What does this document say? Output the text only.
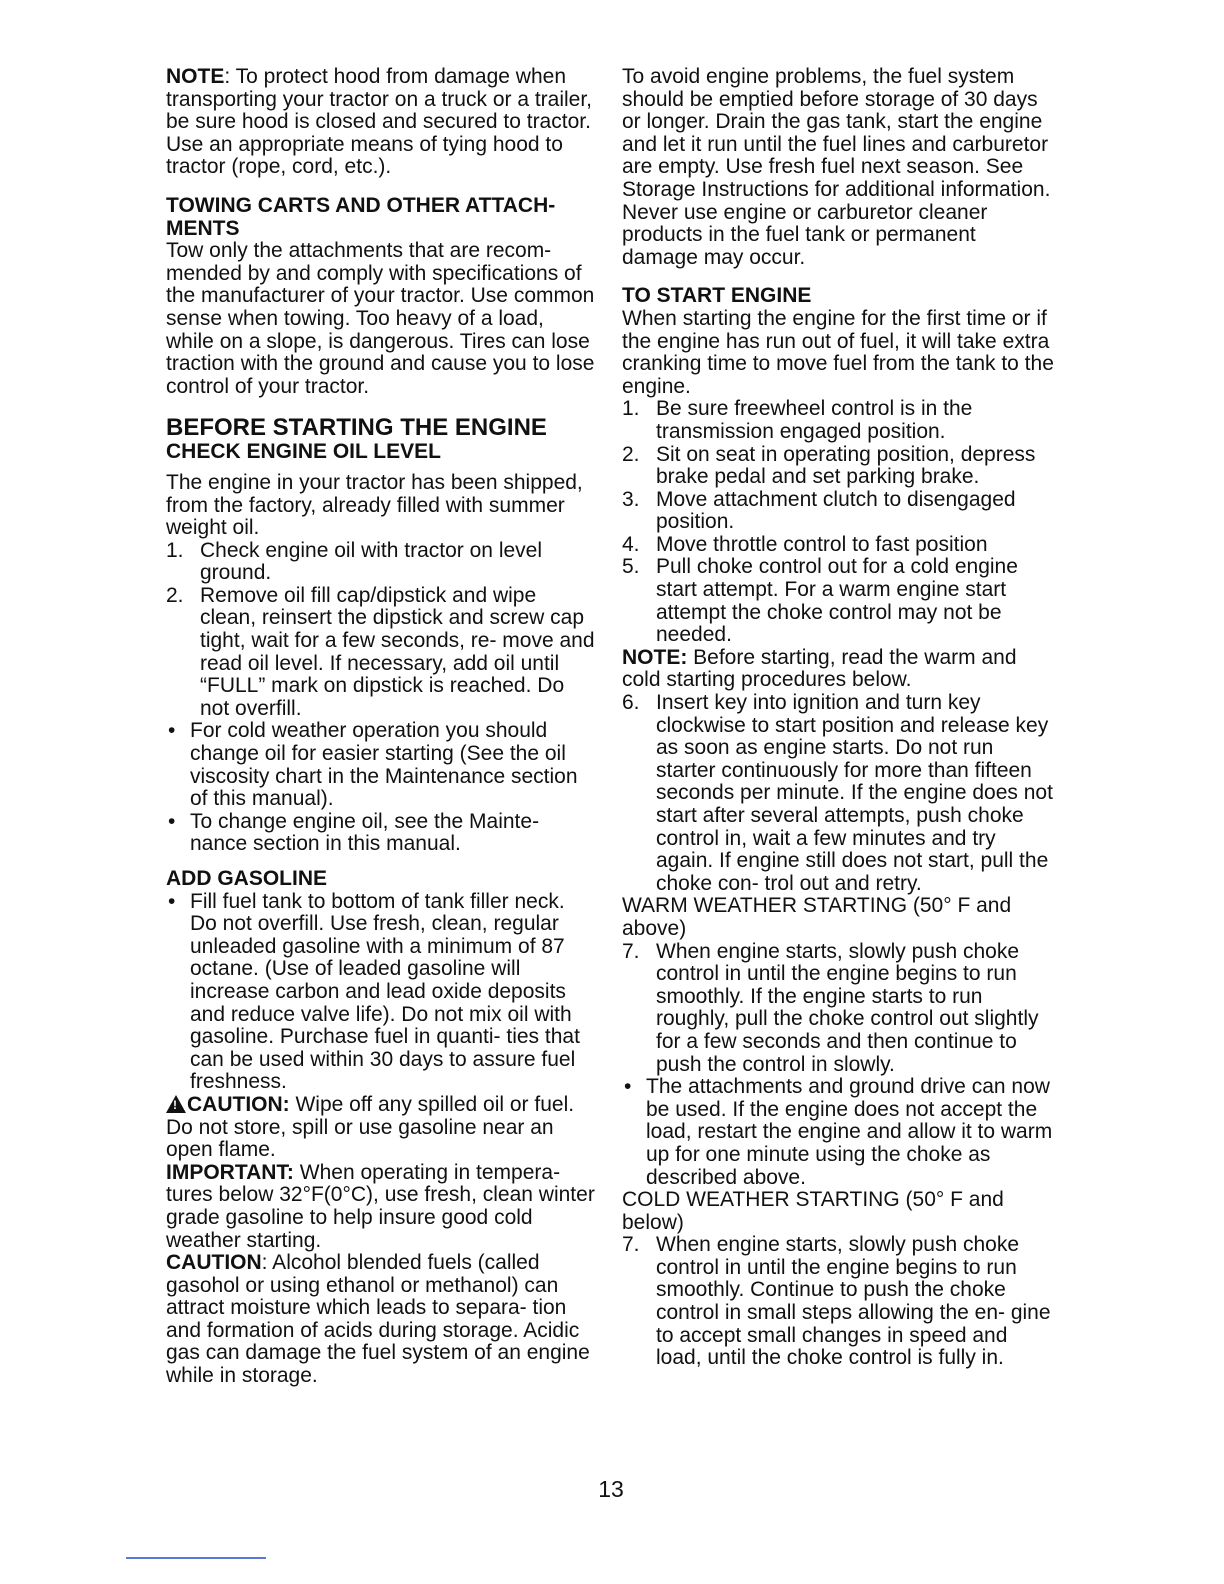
NOTE: To protect hood from damage when transporting your tractor on a truck or a trailer, be sure hood is closed and secured to tractor. Use an appropriate means of tying hood to tractor (rope, cord, etc.).

TOWING CARTS AND OTHER ATTACH- MENTS

Tow only the attachments that are recom- mended by and comply with specifications of the manufacturer of your tractor. Use common sense when towing. Too heavy of a load, while on a slope, is dangerous. Tires can lose traction with the ground and cause you to lose control of your tractor.

BEFORE STARTING THE ENGINE
CHECK ENGINE OIL LEVEL

The engine in your tractor has been shipped, from the factory, already filled with summer weight oil.

1. Check engine oil with tractor on level ground.
2. Remove oil fill cap/dipstick and wipe clean, reinsert the dipstick and screw cap tight, wait for a few seconds, re- move and read oil level. If necessary, add oil until “FULL” mark on dipstick is reached. Do not overfill.
• For cold weather operation you should change oil for easier starting (See the oil viscosity chart in the Maintenance section of this manual).
• To change engine oil, see the Mainte- nance section in this manual.
ADD GASOLINE
• Fill fuel tank to bottom of tank filler neck. Do not overfill. Use fresh, clean, regular unleaded gasoline with a minimum of 87 octane. (Use of leaded gasoline will increase carbon and lead oxide deposits and reduce valve life). Do not mix oil with gasoline. Purchase fuel in quanti- ties that can be used within 30 days to assure fuel freshness.

!CAUTION: Wipe off any spilled oil or fuel. Do not store, spill or use gasoline near an open flame.

IMPORTANT: When operating in tempera- tures below 32°F(0°C), use fresh, clean winter grade gasoline to help insure good cold weather starting.

CAUTION: Alcohol blended fuels (called gasohol or using ethanol or methanol) can attract moisture which leads to separa- tion and formation of acids during storage. Acidic gas can damage the fuel system of an engine while in storage.

To avoid engine problems, the fuel system should be emptied before storage of 30 days or longer. Drain the gas tank, start the engine and let it run until the fuel lines and carburetor are empty. Use fresh fuel next season. See Storage Instructions for additional information.

Never use engine or carburetor cleaner products in the fuel tank or permanent damage may occur.

TO START ENGINE

When starting the engine for the first time or if the engine has run out of fuel, it will take extra cranking time to move fuel from the tank to the engine.

1. Be sure freewheel control is in the transmission engaged position.
2. Sit on seat in operating position, depress brake pedal and set parking brake.
3. Move attachment clutch to disengaged position.
4. Move throttle control to fast position
5. Pull choke control out for a cold engine start attempt. For a warm engine start attempt the choke control may not be needed.

NOTE: Before starting, read the warm and cold starting procedures below.

6. Insert key into ignition and turn key clockwise to start position and release key as soon as engine starts. Do not run starter continuously for more than fifteen seconds per minute. If the engine does not start after several attempts, push choke control in, wait a few minutes and try again. If engine still does not start, pull the choke con- trol out and retry.

WARM WEATHER STARTING (50° F and above)

7. When engine starts, slowly push choke control in until the engine begins to run smoothly. If the engine starts to run roughly, pull the choke control out slightly for a few seconds and then continue to push the control in slowly.
• The attachments and ground drive can now be used. If the engine does not accept the load, restart the engine and allow it to warm up for one minute using the choke as described above.

COLD WEATHER STARTING (50° F and below)

7. When engine starts, slowly push choke control in until the engine begins to run smoothly. Continue to push the choke control in small steps allowing the en- gine to accept small changes in speed and load, until the choke control is fully in.
13
